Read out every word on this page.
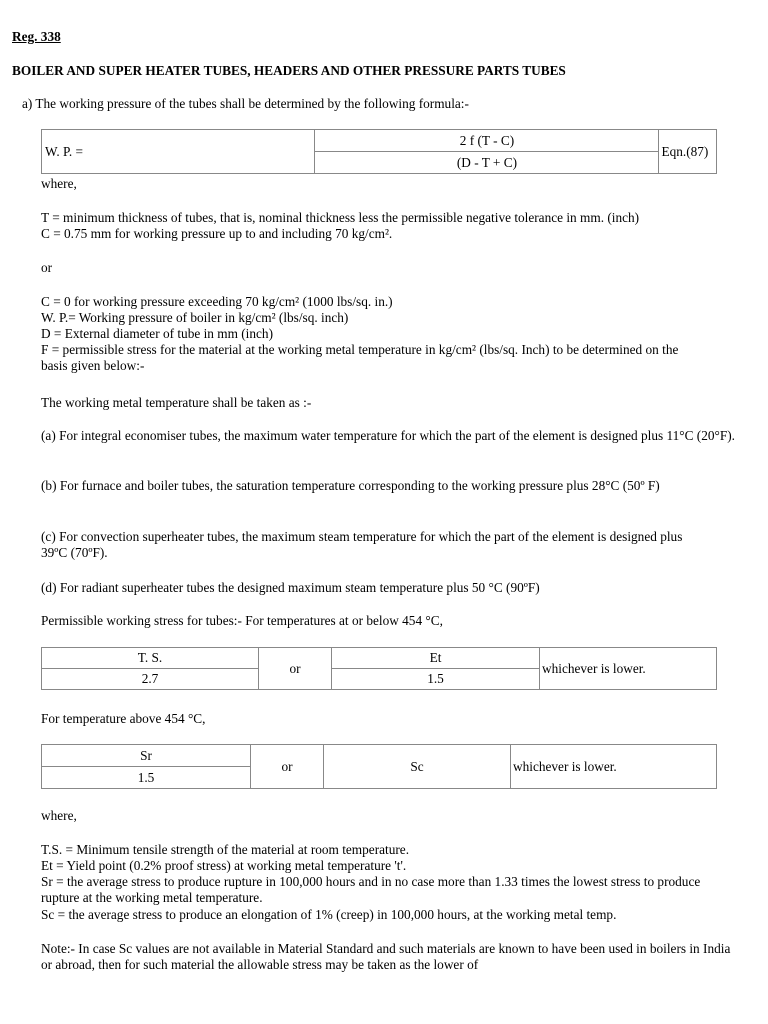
Reg. 338
BOILER AND SUPER HEATER TUBES, HEADERS AND OTHER PRESSURE PARTS TUBES
a) The working pressure of the tubes shall be determined by the following formula:-
W. P. =	2 f (T - C)	Eqn.(87)
(D - T + C)
where,

T = minimum thickness of tubes, that is, nominal thickness less the permissible negative tolerance in mm. (inch)

C = 0.75 mm for working pressure up to and including 70 kg/cm².

or

C = 0 for working pressure exceeding 70 kg/cm² (1000 lbs/sq. in.)

W. P.= Working pressure of boiler in kg/cm² (lbs/sq. inch)

D = External diameter of tube in mm (inch)

F = permissible stress for the material at the working metal temperature in kg/cm² (lbs/sq. Inch) to be determined on the basis given below:-

The working metal temperature shall be taken as :-

(a) For integral economiser tubes, the maximum water temperature for which the part of the element is designed plus 11°C (20°F).

(b) For furnace and boiler tubes, the saturation temperature corresponding to the working pressure plus 28°C (50º F)

(c) For convection superheater tubes, the maximum steam temperature for which the part of the element is designed plus 39ºC (70ºF).

(d) For radiant superheater tubes the designed maximum steam temperature plus 50 °C (90ºF)

Permissible working stress for tubes:- For temperatures at or below 454 °C,

T. S.	or	Et	whichever is lower.
2.7		1.5	

For temperature above 454 °C,

Sr	or	Sc	whichever is lower.
1.5

where,

T.S. = Minimum tensile strength of the material at room temperature.

Et = Yield point (0.2% proof stress) at working metal temperature 't'.

Sr = the average stress to produce rupture in 100,000 hours and in no case more than 1.33 times the lowest stress to produce rupture at the working metal temperature.

Sc = the average stress to produce an elongation of 1% (creep) in 100,000 hours, at the working metal temp.

Note:- In case Sc values are not available in Material Standard and such materials are known to have been used in boilers in India or abroad, then for such material the allowable stress may be taken as the lower of
